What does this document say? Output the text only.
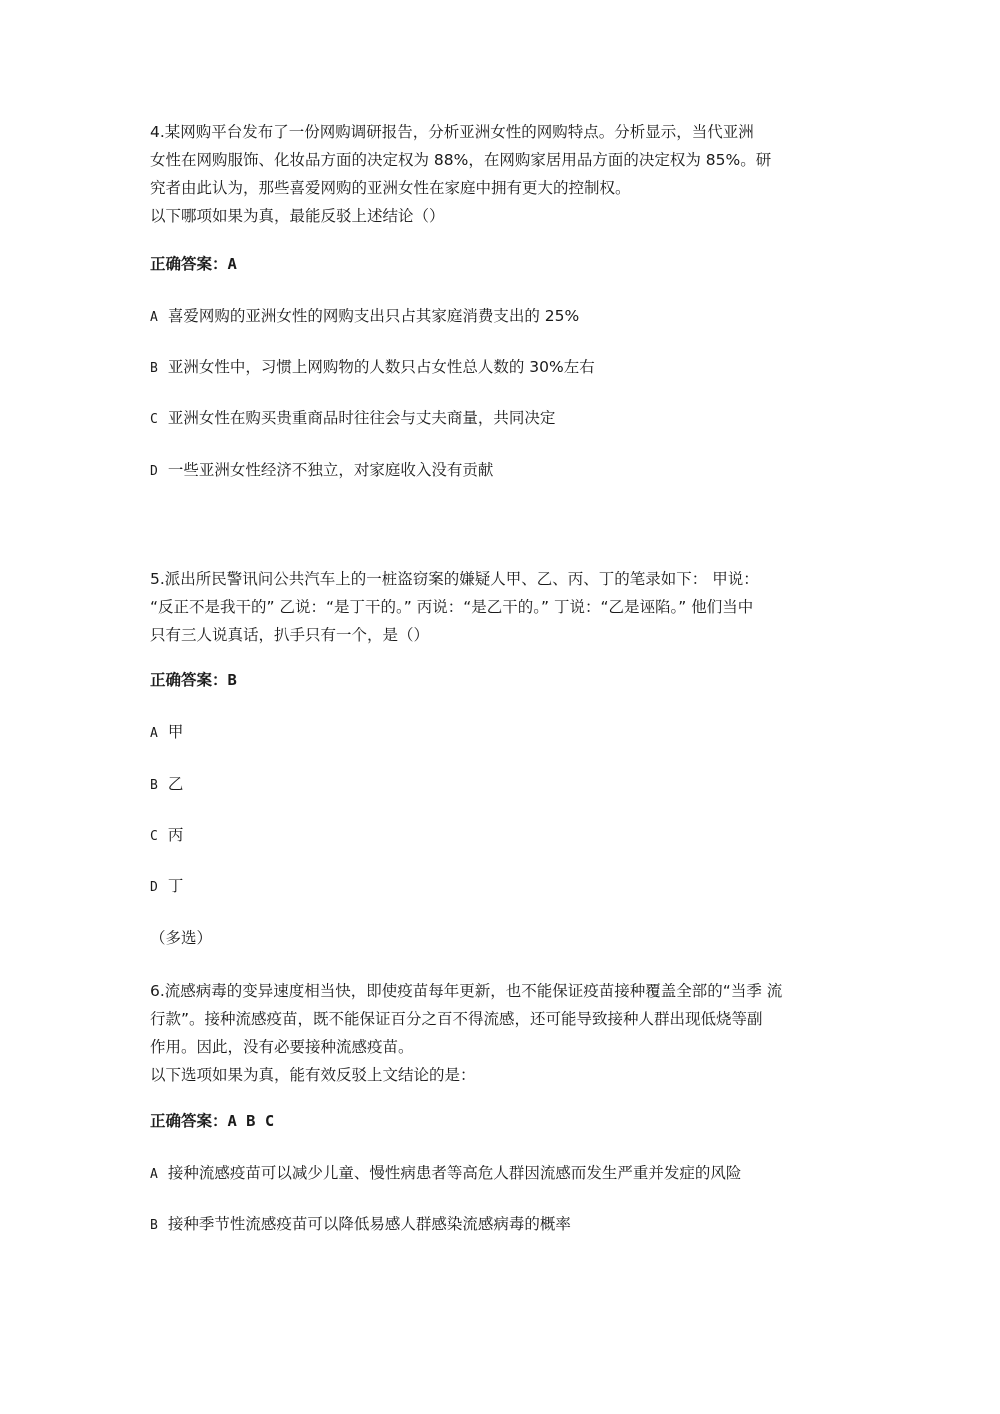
4.某网购平台发布了一份网购调研报告，分析亚洲女性的网购特点。分析显示，当代亚洲
女性在网购服饰、化妆品方面的决定权为 88%，在网购家居用品方面的决定权为 85%。研
究者由此认为，那些喜爱网购的亚洲女性在家庭中拥有更大的控制权。
以下哪项如果为真，最能反驳上述结论（）

正确答案：A
A 喜爱网购的亚洲女性的网购支出只占其家庭消费支出的 25%
B 亚洲女性中，习惯上网购物的人数只占女性总人数的 30%左右
C 亚洲女性在购买贵重商品时往往会与丈夫商量，共同决定
D 一些亚洲女性经济不独立，对家庭收入没有贡献

5.派出所民警讯问公共汽车上的一桩盗窃案的嫌疑人甲、乙、丙、丁的笔录如下： 甲说：
“反正不是我干的” 乙说：“是丁干的。” 丙说：“是乙干的。” 丁说：“乙是诬陷。” 他们当中
只有三人说真话，扒手只有一个，是（）

正确答案：B
A 甲
B 乙
C 丙
D 丁
（多选）

6.流感病毒的变异速度相当快，即使疫苗每年更新，也不能保证疫苗接种覆盖全部的“当季 流
行款”。接种流感疫苗，既不能保证百分之百不得流感，还可能导致接种人群出现低烧等副
作用。因此，没有必要接种流感疫苗。
以下选项如果为真，能有效反驳上文结论的是：

正确答案：A B C
A 接种流感疫苗可以减少儿童、慢性病患者等高危人群因流感而发生严重并发症的风险
B 接种季节性流感疫苗可以降低易感人群感染流感病毒的概率
